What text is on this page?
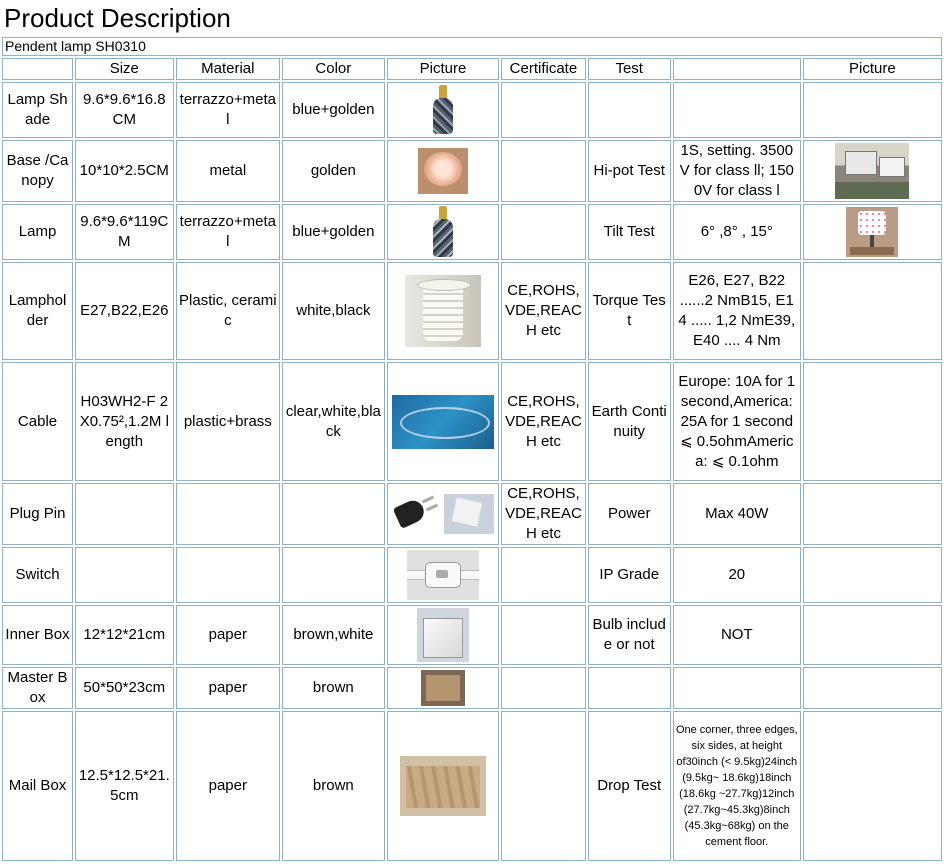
Product Description
Pendent lamp SH0310								
	Size	Material	Color	Picture	Certificate	Test		Picture
Lamp Shade	9.6*9.6*16.8CM	terrazzo+metal	blue+golden	

Base /Canopy	10*10*2.5CM	metal	golden			Hi-pot Test	1S, setting. 3500V for class ll; 1500V for class l	

Lamp	9.6*9.6*119CM	terrazzo+metal	blue+golden			Tilt Test	6° ,8° , 15°	

Lampholder	E27,B22,E26	Plastic, ceramic	white,black		CE,ROHS,VDE,REACH etc	Torque Test	E26, E27, B22 ......2 NmB15, E14 ..... 1,2 NmE39, E40 .... 4 Nm	
Cable	H03WH2-F 2X0.75²,1.2M length	plastic+brass	clear,white,black		CE,ROHS,VDE,REACH etc	Earth Continuity	Europe: 10A for 1 second,America: 25A for 1 second ⩽ 0.5ohmAmerica: ⩽ 0.1ohm	
Plug Pin					CE,ROHS,VDE,REACH etc	Power	Max 40W	
Switch						IP Grade	20	
Inner Box	12*12*21cm	paper	brown,white			Bulb include or not	NOT	
Master Box	50*50*23cm	paper	brown	

Mail Box	12.5*12.5*21.5cm	paper	brown			Drop Test	One corner, three edges, six sides, at height of30inch (< 9.5kg)24inch (9.5kg~ 18.6kg)18inch (18.6kg ~27.7kg)12inch (27.7kg~45.3kg)8inch (45.3kg~68kg) on the cement floor.	
